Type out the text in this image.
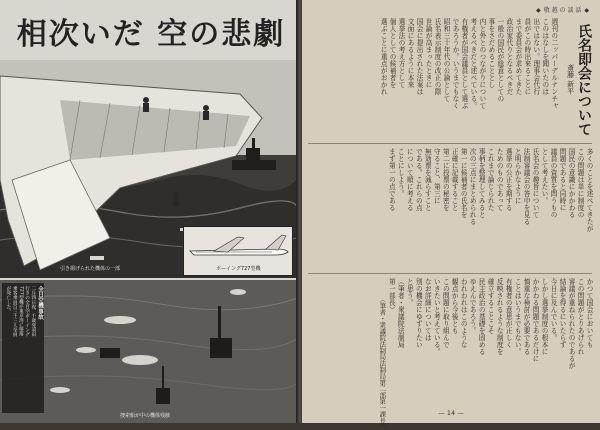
相次いだ 空の悲劇
引き揚げられた機体の一部	ボーイング727型機
捜索船が中の機体残骸
全日空機事故
二月四日夜、千歳発羽田
行きの全日空ボーイング
727型機が東京湾に墜落
乗客乗員百三十三人全員
が死亡した。
◆ 敬 越 の 談 話 ◆
氏名即会について
斎藤 新平
週刊の二ッパーデルナンチャ
このはなしを聞いたのは
出ではない。理事会代行
員がこの時出来ることに
まで委員会が求めてきた
政治家代りとなるべきだ
一般の国民が総意としての
事をさだめることとし
内と外とのつながりについて
考えるべきだと述べている。
有権者が国会議員として選ぶ
であろうか。いうまでもなく
昭和三十年代の公論として
氏名表示制度の改正の際
世論が高まったときに
国会に提出された法案は
文面にあるように本来
選挙法の考え方として
個人としての候補者を
選ぶことに重点がおかれ
多くのことを述べてきたが
この問題は単に制度の
国民の意識にかかわる
問題であると同時に
議員の資質を問うもの
として考えたい。
氏名会の趣旨について
法制審議会の答申を見る
と明らかなように
選挙の公正を期する
ためのものであって
これまで論じられた
事柄を整理してみると
次の三点にまとめられる
第一に候補者の氏名を
正確に記載すること
第二に投票の秘密を
守ること、第三に
無効票を減らすこと
である。これらの点
について順に考える
ことにしよう。
まず第一の点である
かつて国会においても
この問題がとりあげられ
審議が重ねられたのであるが
結論を得るにいたらず
今日に及んでいる。
しかし選挙制度の根本に
かかわる問題であるだけに
慎重な検討が必要である
ことはいうまでもない。
有権者の意思が正しく
反映されるような制度を
確立することこそ
民主政治の基礎を固める
ゆえんであろう。
われわれはこのような
観点から今後とも
この問題に取り組んで
いきたいと考えている。
なお詳細については
別の機会にゆずりたい
と思う。
（筆者・衆議院法制局
第一部長）
（筆者・衆議院法制局法制局第二部第一課長）	— 14 —
